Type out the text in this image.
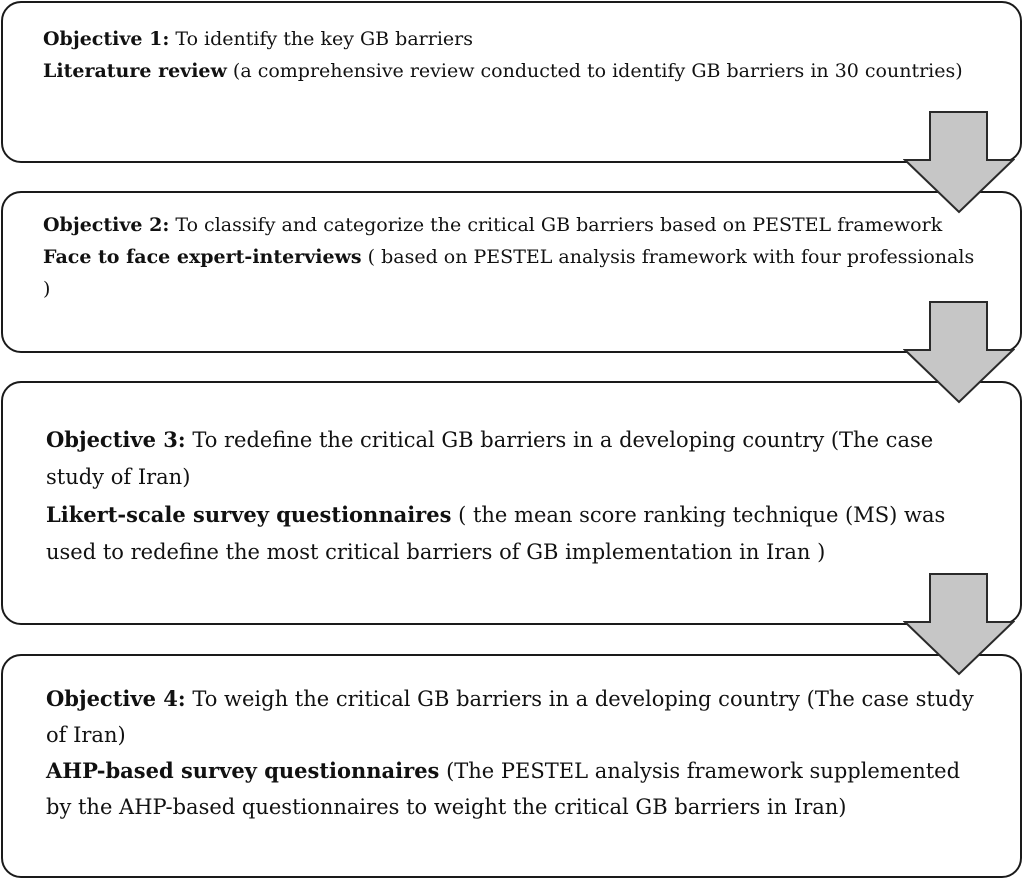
Objective 1: To identify the key GB barriers

Literature review (a comprehensive review conducted to identify GB barriers in 30 countries)

Objective 2: To classify and categorize the critical GB barriers based on PESTEL framework

Face to face expert-interviews ( based on PESTEL analysis framework with four professionals )

Objective 3: To redefine the critical GB barriers in a developing country (The case study of Iran)

Likert-scale survey questionnaires ( the mean score ranking technique (MS) was used to redefine the most critical barriers of GB implementation in Iran )

Objective 4: To weigh the critical GB barriers in a developing country (The case study of Iran)

AHP-based survey questionnaires (The PESTEL analysis framework supplemented by the AHP-based questionnaires to weight the critical GB barriers in Iran)
